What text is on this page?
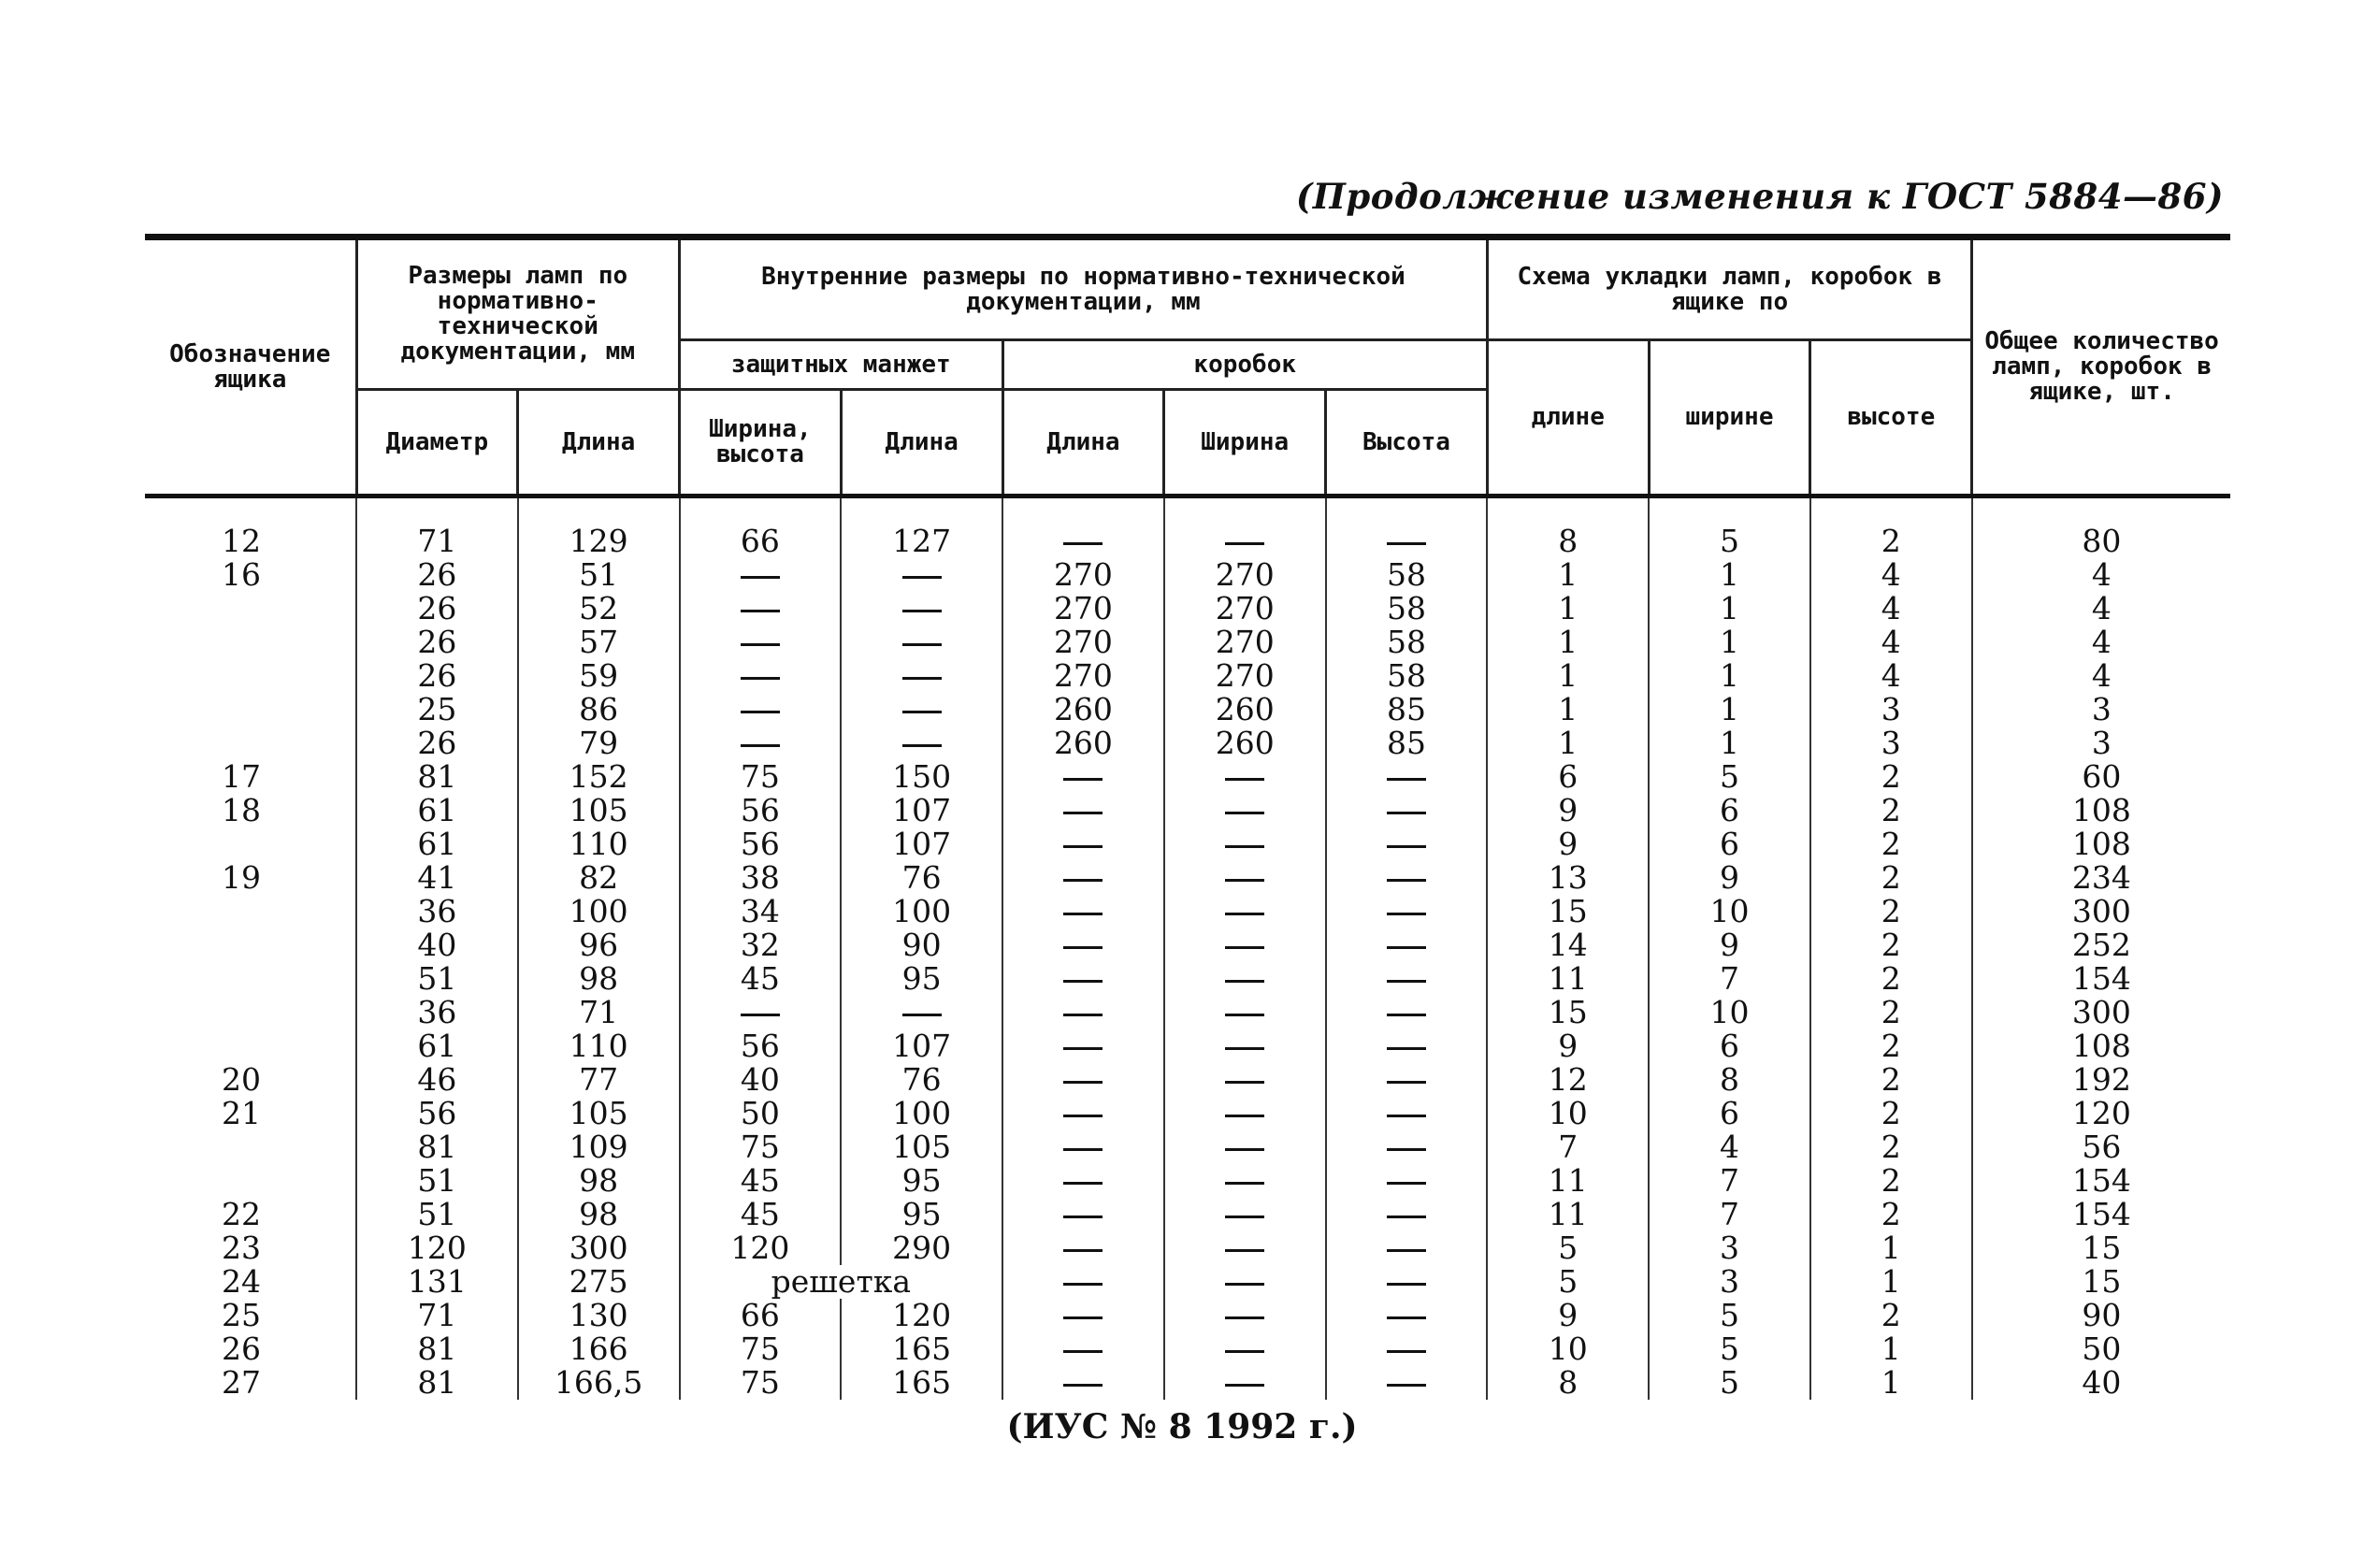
(Продолжение изменения к ГОСТ 5884—86)
Обозначение ящика	Размеры ламп по нормативно-технической документации, мм		Внутренние размеры по нормативно-технической документации, мм					Схема укладки ламп, коробок в ящике по			Общее количество ламп, коробок в ящике, шт.
			защитных манжет		коробок			длине	ширине	высоте	
	Диаметр	Длина	Ширина, высота	Длина	Длина	Ширина	Высота				
12	71	129	66	127				8	5	2	80
16	26	51			270	270	58	1	1	4	4
	26	52			270	270	58	1	1	4	4
	26	57			270	270	58	1	1	4	4
	26	59			270	270	58	1	1	4	4
	25	86			260	260	85	1	1	3	3
	26	79			260	260	85	1	1	3	3
17	81	152	75	150				6	5	2	60
18	61	105	56	107				9	6	2	108
	61	110	56	107				9	6	2	108
19	41	82	38	76				13	9	2	234
	36	100	34	100				15	10	2	300
	40	96	32	90				14	9	2	252
	51	98	45	95				11	7	2	154
	36	71						15	10	2	300
	61	110	56	107				9	6	2	108
20	46	77	40	76				12	8	2	192
21	56	105	50	100				10	6	2	120
	81	109	75	105				7	4	2	56
	51	98	45	95				11	7	2	154
22	51	98	45	95				11	7	2	154
23	120	300	120	290				5	3	1	15
24	131	275	решетка					5	3	1	15
25	71	130	66	120				9	5	2	90
26	81	166	75	165				10	5	1	50
27	81	166,5	75	165				8	5	1	40
(ИУС № 8 1992 г.)
